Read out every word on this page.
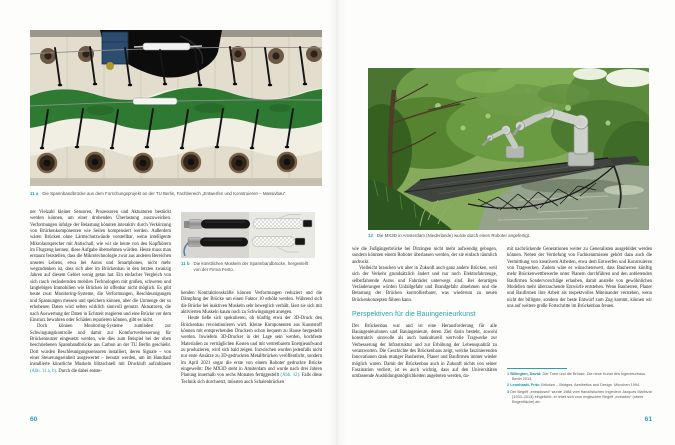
11 a Die Spannbandbrücke aus dem Forschungsprojekt an der TU Berlin, Fachbereich „Entwerfen und Konstruieren – Massivbau“.

ner Vielzahl kleiner Sensoren, Prozessoren und Aktuatoren bestückt werden können, um einer drohenden Überlastung auszuweichen. Verformungen infolge der Belastung könnten interaktiv durch Verkürzung von Brückenkomponenten wie Seilen kompensiert werden. Außerdem wären Brücken ohne Lärmschutzwände vorstellbar, wenn intelligente Mikrolautsprecher mit Antischall, wie wir sie heute von den Kopfhörern im Flugzeug kennen, diese Aufgabe übernehmen würden. Heute muss man erstaunt feststellen, dass die Mikrotechnologie zwar aus anderen Bereichen unseres Lebens, etwa bei Autos und Smartphones, nicht mehr wegzudenken ist, dass sich aber im Brückenbau in den letzten zwanzig Jahren auf diesem Gebiet wenig getan hat. Ein einfacher Vergleich von sich rasch verändernden mobilen Technologien mit großen, schweren und langlebigen Immobilien wie Brücken ist offenbar nicht möglich. Es gibt heute zwar Monitoring-Systeme, die Verformungen, Beschleunigungen und Spannungen messen und speichern können, aber die Unmenge der so erhobenen Daten wird selten wirklich sinnvoll genutzt. Aktuatoren, die nach Auswertung der Daten in Echtzeit reagieren und eine Brücke vor dem Einsturz bewahren oder Schäden reparieren können, gibt es nicht.

Doch können Monitoring-Systeme zumindest zur Schwingungskontrolle und damit zur Komfortverbesserung für Brückennutzer eingesetzt werden, wie dies zum Beispiel bei der oben beschriebenen Spannbandbrücke aus Carbon an der TU Berlin geschieht. Dort wurden Beschleunigungssensoren installiert, deren Signale – von einer Steuerungseinheit ausgewertet – benutzt werden, um im Handlauf installierte künstliche Muskeln blitzschnell mit Druckluft aufzublasen (Abb. 11 a, b). Durch die dabei entste-

11 b Die künstlichen Muskeln der Spannbandbrücke, hergestellt von der Firma Festo.

henden Kontraktionskräfte können Verformungen reduziert und die Dämpfung der Brücke um einen Faktor 10 erhöht werden. Während sich die Brücke bei inaktiven Muskeln sehr beweglich verhält, lässt sie sich mit aktivierten Muskeln kaum noch zu Schwingungen anregen.

Heute ließe sich spekulieren, ob künftig etwa der 3D-Druck den Brückenbau revolutionieren wird. Kleine Komponenten aus Kunststoff können mit entsprechenden Druckern schon bequem zu Hause hergestellt werden. Inwiefern 3D-Drucker in der Lage sein werden, hochfeste Materialien zu verträglichen Kosten und mit vertretbarem Energieaufwand zu produzieren, wird sich bald zeigen. Inzwischen wurden jedenfalls nicht nur erste Ansätze zu 3D-gedruckten Metallbrücken veröffentlicht, sondern im April 2021 sogar die erste von einem Roboter gedruckte Brücke eingeweiht: Die MX3D steht in Amsterdam und wurde nach drei Jahren Planung innerhalb von sechs Monaten fertiggestellt (Abb. 12). Falls diese Technik sich durchsetzt, müssten auch Schalenbrücken

60
12 Die MX3D in Amsterdam (Niederlande) wurde durch einen Roboter angefertigt.

wie die Fußgängerbrücke bei Ditzingen nicht mehr aufwendig gebogen, sondern könnten einem Roboter überlassen werden, der sie einfach räumlich andruckt.

Vielleicht brauchen wir aber in Zukunft auch ganz andere Brücken, weil sich der Verkehr grundsätzlich ändert und nur noch Elektrofahrzeuge, selbstfahrende Autos und Fahrräder unterwegs sind. Bei derartigen Veränderungen würden Unfallgefahr und Brandgefahr abnehmen und die Belastung der Brücken kontrollierbarer, was wiederum zu neuen Brückenkonzepten führen kann.

Perspektiven für die Bauingenieurkunst

Der Brückenbau war und ist eine Herausforderung für alle Bauingenieurinnen und Bauingenieure, deren Ziel darin besteht, sowohl konstruktiv sinnvolle als auch baukulturell wertvolle Tragwerke zur Verbesserung der Infrastruktur und zur Erhöhung der Lebensqualität zu verantworten. Die Geschichte des Brückenbaus zeigt, welche faszinierenden Innovationen dank mutiger Bauherren, Planer und Baufirmen immer wieder möglich waren. Damit der Brückenbau auch in Zukunft nichts von seiner Faszination verliert, ist es auch wichtig, dass auf den Universitäten umfassende Ausbildungsmöglichkeiten angeboten werden, da-

mit nachrückende Generationen weiter zu Generalisten ausgebildet werden können. Neben der Vertiefung von Fachkenntnissen gehört dazu auch die Vermittlung von kreativem Arbeiten, etwa dem Entwerfen und Konstruieren von Tragwerken. Zudem wäre es wünschenswert, dass Bauherren künftig mehr Brückenwettbewerbe unter Planern durchführen und den anbietenden Baufirmen Sondervorschläge erlauben, damit anstelle von gewöhnlichen Modellen mehr überraschende Entwürfe entstehen. Wenn Bauherren, Planer und Baufirmen ihre Arbeit als respektvolles Miteinander verstehen, wenn nicht der billigste, sondern der beste Entwurf zum Zug kommt, können wir uns auf weitere große Fortschritte im Brückenbau freuen.

1 Billington, David: Der Turm und die Brücke. Die neue Kunst des Ingenieurbaus. Berlin 2013.
2 Leonhardt, Fritz: Brücken – Bridges. Aesthetics and Design. München 1994.
3 Der Begriff „extradosed“ wurde 1988 vom französischen Ingenieur Jacques Mathivat (1933–2013) eingeführt; er leitet sich vom englischen Begriff „extrados“ (obere Bogenfläche) ab.
61
